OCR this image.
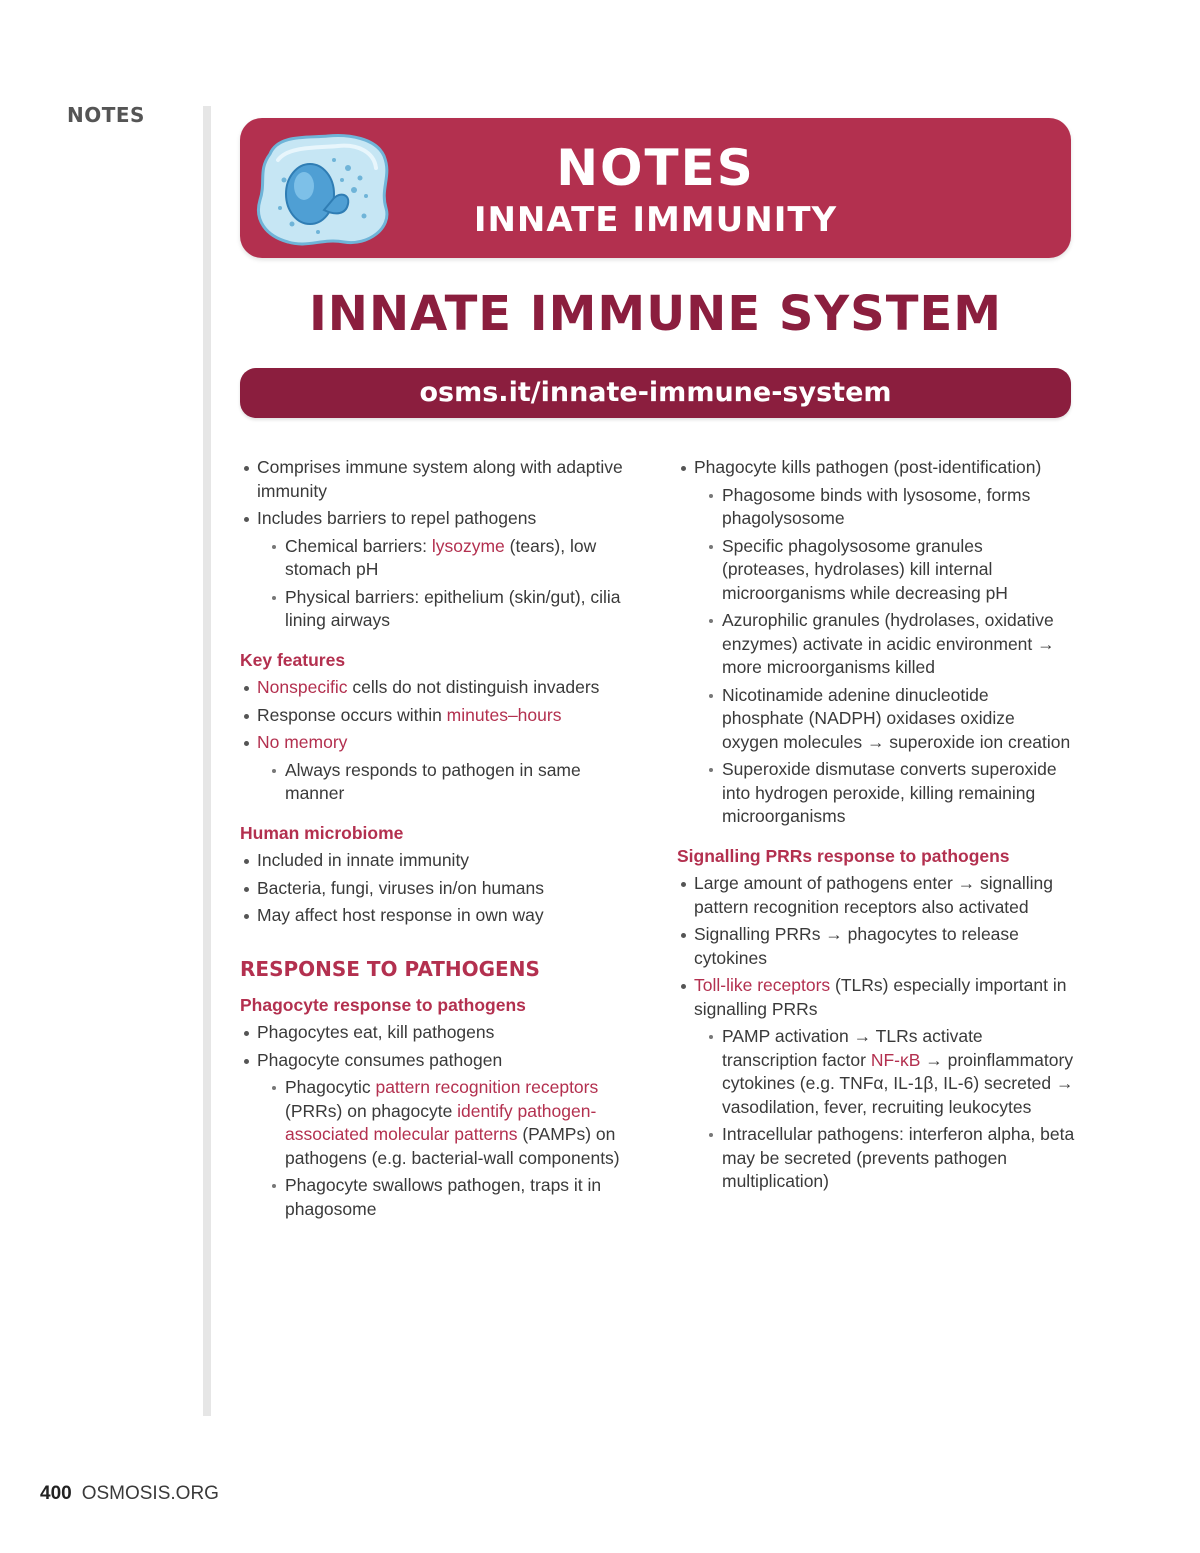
NOTES
NOTES
INNATE IMMUNITY
INNATE IMMUNE SYSTEM
osms.it/innate-immune-system
Comprises immune system along with adaptive immunity
Includes barriers to repel pathogens
Chemical barriers: lysozyme (tears), low stomach pH
Physical barriers: epithelium (skin/gut), cilia lining airways
Key features
Nonspecific cells do not distinguish invaders
Response occurs within minutes–hours
No memory
Always responds to pathogen in same manner
Human microbiome
Included in innate immunity
Bacteria, fungi, viruses in/on humans
May affect host response in own way
RESPONSE TO PATHOGENS
Phagocyte response to pathogens
Phagocytes eat, kill pathogens
Phagocyte consumes pathogen
Phagocytic pattern recognition receptors (PRRs) on phagocyte identify pathogen-associated molecular patterns (PAMPs) on pathogens (e.g. bacterial-wall components)
Phagocyte swallows pathogen, traps it in phagosome
Phagocyte kills pathogen (post-identification)
Phagosome binds with lysosome, forms phagolysosome
Specific phagolysosome granules (proteases, hydrolases) kill internal microorganisms while decreasing pH
Azurophilic granules (hydrolases, oxidative enzymes) activate in acidic environment → more microorganisms killed
Nicotinamide adenine dinucleotide phosphate (NADPH) oxidases oxidize oxygen molecules → superoxide ion creation
Superoxide dismutase converts superoxide into hydrogen peroxide, killing remaining microorganisms
Signalling PRRs response to pathogens
Large amount of pathogens enter → signalling pattern recognition receptors also activated
Signalling PRRs → phagocytes to release cytokines
Toll-like receptors (TLRs) especially important in signalling PRRs
PAMP activation → TLRs activate transcription factor NF-κB → proinflammatory cytokines (e.g. TNFα, IL-1β, IL-6) secreted → vasodilation, fever, recruiting leukocytes
Intracellular pathogens: interferon alpha, beta may be secreted (prevents pathogen multiplication)
400 OSMOSIS.ORG
